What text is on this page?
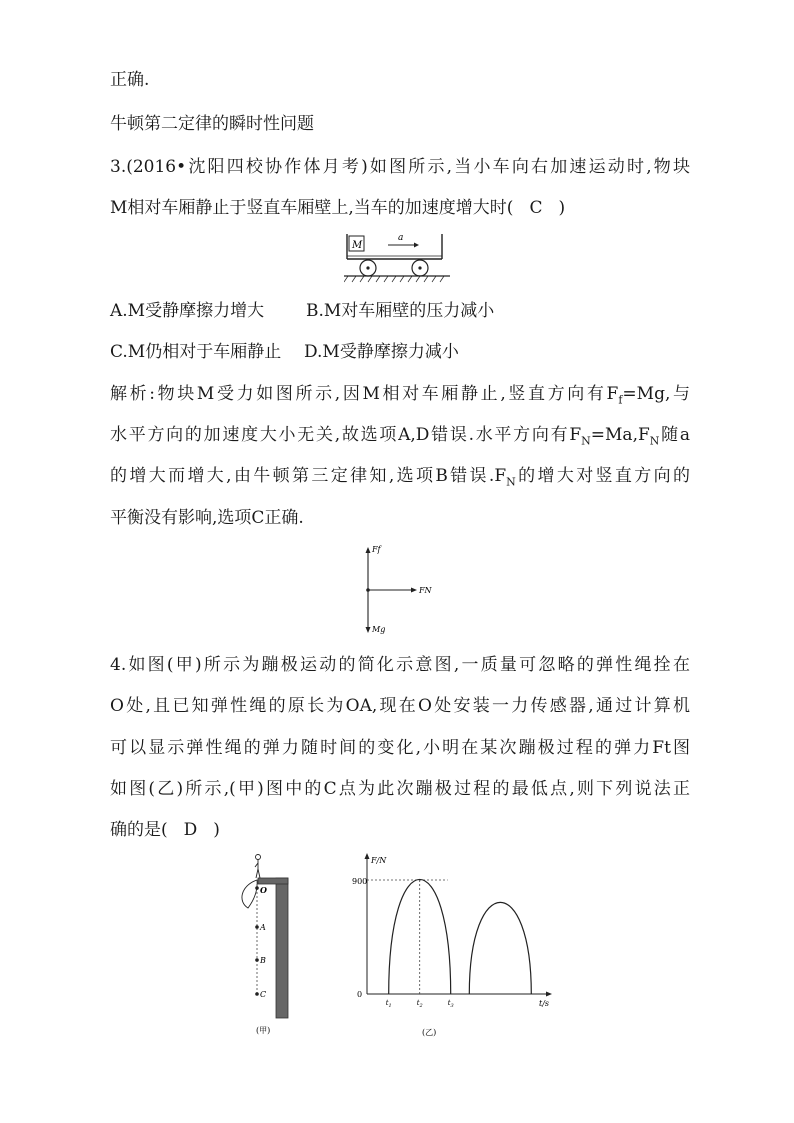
正确.
牛顿第二定律的瞬时性问题
3.(2016•沈阳四校协作体月考)如图所示,当小车向右加速运动时,物块
M相对车厢静止于竖直车厢壁上,当车的加速度增大时( C )
M
a
A.M受静摩擦力增大 B.M对车厢壁的压力减小
C.M仍相对于车厢静止 D.M受静摩擦力减小
解析:物块M受力如图所示,因M相对车厢静止,竖直方向有$F_f=Mg$,与
水平方向的加速度大小无关,故选项A,D错误.水平方向有$F_N=Ma,F_N$随a
的增大而增大,由牛顿第三定律知,选项B错误$.F_N$的增大对竖直方向的
平衡没有影响,选项C正确.
Ff
FN
Mg
4.如图(甲)所示为蹦极运动的简化示意图,一质量可忽略的弹性绳拴在
O处,且已知弹性绳的原长为OA,现在O处安装一力传感器,通过计算机
可以显示弹性绳的弹力随时间的变化,小明在某次蹦极过程的弹力Ft图
如图(乙)所示,(甲)图中的C点为此次蹦极过程的最低点,则下列说法正
确的是( D )
O
A
B
C
(甲)
F/N
t/s
900
0
$t_1$	$t_2$	$t_3$
(乙)
